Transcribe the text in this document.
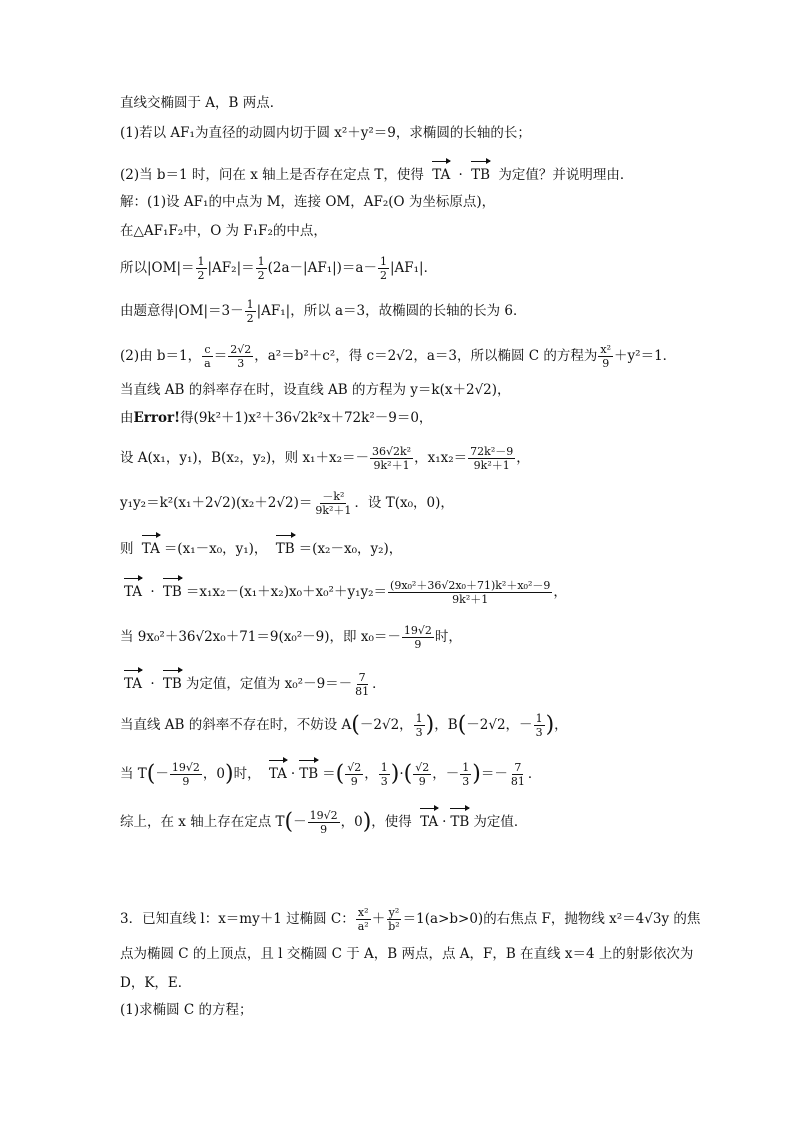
直线交椭圆于 A，B 两点．
(1)若以 AF₁为直径的动圆内切于圆 x²＋y²＝9，求椭圆的长轴的长；
(2)当 b＝1 时，问在 x 轴上是否存在定点 T，使得 TA · TB 为定值？并说明理由．
解：(1)设 AF₁的中点为 M，连接 OM，AF₂(O 为坐标原点)，
在△AF₁F₂中，O 为 F₁F₂的中点，
所以$|OM|= \frac{1}{2} |AF_2|= \frac{1}{2} (2a-|AF_1|)=a- \frac{1}{2} |AF_1|$．
由题意得$|OM|=3- \frac{1}{2} |AF_1|$，所以 a＝3，故椭圆的长轴的长为 6．
(2)由 b＝1， $\frac{c}{a} = \frac{2√2}{3}$ ，a²＝b²＋c²，得 c＝2√2，a＝3，所以椭圆 C 的方程为 $\frac{\text{x²}}{9} +y^2=1$．
当直线 AB 的斜率存在时，设直线 AB 的方程为 y＝k(x＋2√2)，
由Error!得(9k²＋1)x²＋36√2k²x＋72k²－9＝0，
设 A(x₁，y₁)，B(x₂，y₂)，则 $x_1+x_2=- \frac{\text{36√2k²}}{\text{9k²＋1}}$ ，$x_1x_2= \frac{\text{72k²－9}}{\text{9k²＋1}}$ ，
$y_1y_2=k^2(x_1+2√2)(x_2+2√2)= \frac{\text{－k²}}{\text{9k²＋1}}$ ．设 T(x₀，0)，
则 TA ＝(x₁－x₀，y₁)， TB ＝(x₂－x₀，y₂)，
TA · TB $=x_1x_2-(x_1+x_2)x_0+x_0^2+y_1y_2= \frac{\text{(9x₀²＋36√2x₀＋71)k²＋x₀²－9}}{\text{9k²＋1}}$ ，
当 9x₀²＋36√2x₀＋71＝9(x₀²－9)，即 $x_0=- \frac{19√2}{9}$ 时，
TA · TB 为定值，定值为 $x_0^2-9=- \frac{7}{81}$ ．
当直线 AB 的斜率不存在时，不妨设 A(－2√2， $\frac{1}{3}$ )，B(－2√2，－ $\frac{1}{3}$ )，
当 $T(- \frac{19√2}{9}$ ，0)时， TA · TB ＝( $\frac{√2}{9}$ ， $\frac{1}{3}$ )·( $\frac{√2}{9}$ ，－ $\frac{1}{3}$ )＝－ $\frac{7}{81}$ ．
综上，在 x 轴上存在定点 $T(- \frac{19√2}{9}$ ，0)，使得 TA · TB 为定值．
3．已知直线 l：x＝my＋1 过椭圆 C： $\frac{\text{x²}}{\text{a²}} + \frac{\text{y²}}{\text{b²}} =1(a>b>0)$的右焦点 F，抛物线 x²＝4√3y 的焦
点为椭圆 C 的上顶点，且 l 交椭圆 C 于 A，B 两点，点 A，F，B 在直线 x＝4 上的射影依次为
D，K，E．
(1)求椭圆 C 的方程；
